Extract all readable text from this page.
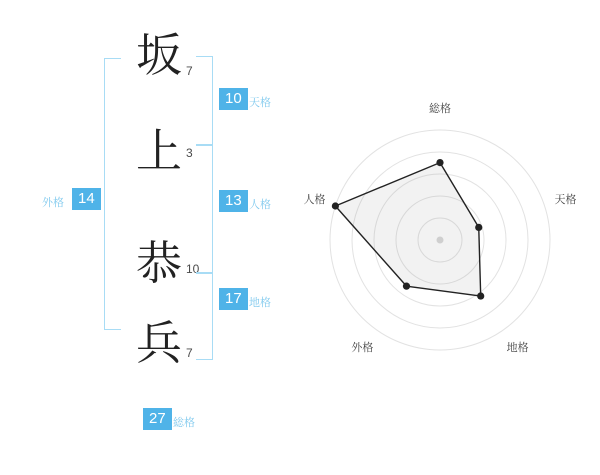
坂
上
恭
兵
7
3
10
7
10 天格
13 人格
17 地格
14
外格
27 総格
総格
天格
地格
外格
人格
